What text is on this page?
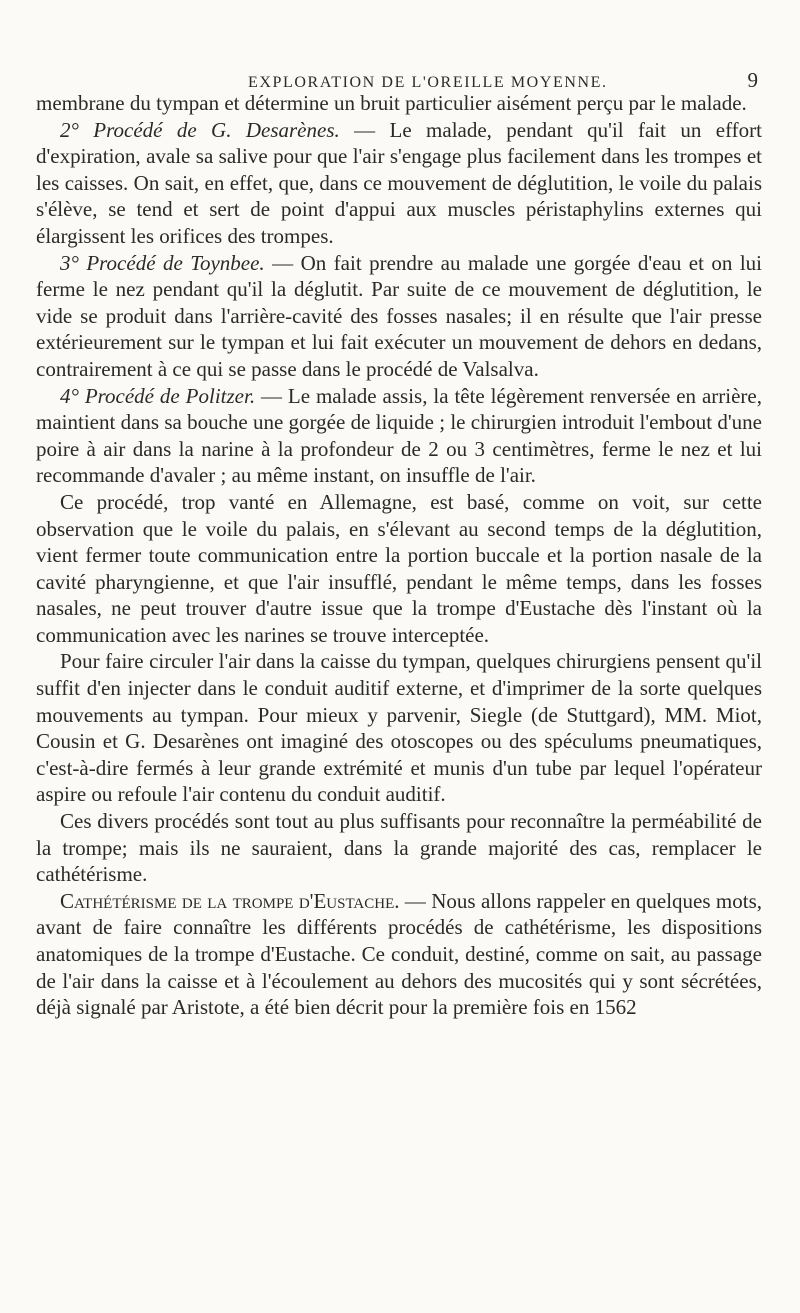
EXPLORATION DE L'OREILLE MOYENNE.	9

membrane du tympan et détermine un bruit particulier aisément perçu par le malade.

2° Procédé de G. Desarènes. — Le malade, pendant qu'il fait un effort d'expiration, avale sa salive pour que l'air s'engage plus facilement dans les trompes et les caisses. On sait, en effet, que, dans ce mouvement de déglutition, le voile du palais s'élève, se tend et sert de point d'appui aux muscles péristaphylins externes qui élargissent les orifices des trompes.

3° Procédé de Toynbee. — On fait prendre au malade une gorgée d'eau et on lui ferme le nez pendant qu'il la déglutit. Par suite de ce mouvement de déglutition, le vide se produit dans l'arrière-cavité des fosses nasales; il en résulte que l'air presse extérieurement sur le tympan et lui fait exécuter un mouvement de dehors en dedans, contrairement à ce qui se passe dans le procédé de Valsalva.

4° Procédé de Politzer. — Le malade assis, la tête légèrement renversée en arrière, maintient dans sa bouche une gorgée de liquide ; le chirurgien introduit l'embout d'une poire à air dans la narine à la profondeur de 2 ou 3 centimètres, ferme le nez et lui recommande d'avaler ; au même instant, on insuffle de l'air.

Ce procédé, trop vanté en Allemagne, est basé, comme on voit, sur cette observation que le voile du palais, en s'élevant au second temps de la déglutition, vient fermer toute communication entre la portion buccale et la portion nasale de la cavité pharyngienne, et que l'air insufflé, pendant le même temps, dans les fosses nasales, ne peut trouver d'autre issue que la trompe d'Eustache dès l'instant où la communication avec les narines se trouve interceptée.

Pour faire circuler l'air dans la caisse du tympan, quelques chirurgiens pensent qu'il suffit d'en injecter dans le conduit auditif externe, et d'imprimer de la sorte quelques mouvements au tympan. Pour mieux y parvenir, Siegle (de Stuttgard), MM. Miot, Cousin et G. Desarènes ont imaginé des otoscopes ou des spéculums pneumatiques, c'est-à-dire fermés à leur grande extrémité et munis d'un tube par lequel l'opérateur aspire ou refoule l'air contenu du conduit auditif.

Ces divers procédés sont tout au plus suffisants pour reconnaître la perméabilité de la trompe; mais ils ne sauraient, dans la grande majorité des cas, remplacer le cathétérisme.

Cathétérisme de la trompe d'Eustache. — Nous allons rappeler en quelques mots, avant de faire connaître les différents procédés de cathétérisme, les dispositions anatomiques de la trompe d'Eustache. Ce conduit, destiné, comme on sait, au passage de l'air dans la caisse et à l'écoulement au dehors des mucosités qui y sont sécrétées, déjà signalé par Aristote, a été bien décrit pour la première fois en 1562
